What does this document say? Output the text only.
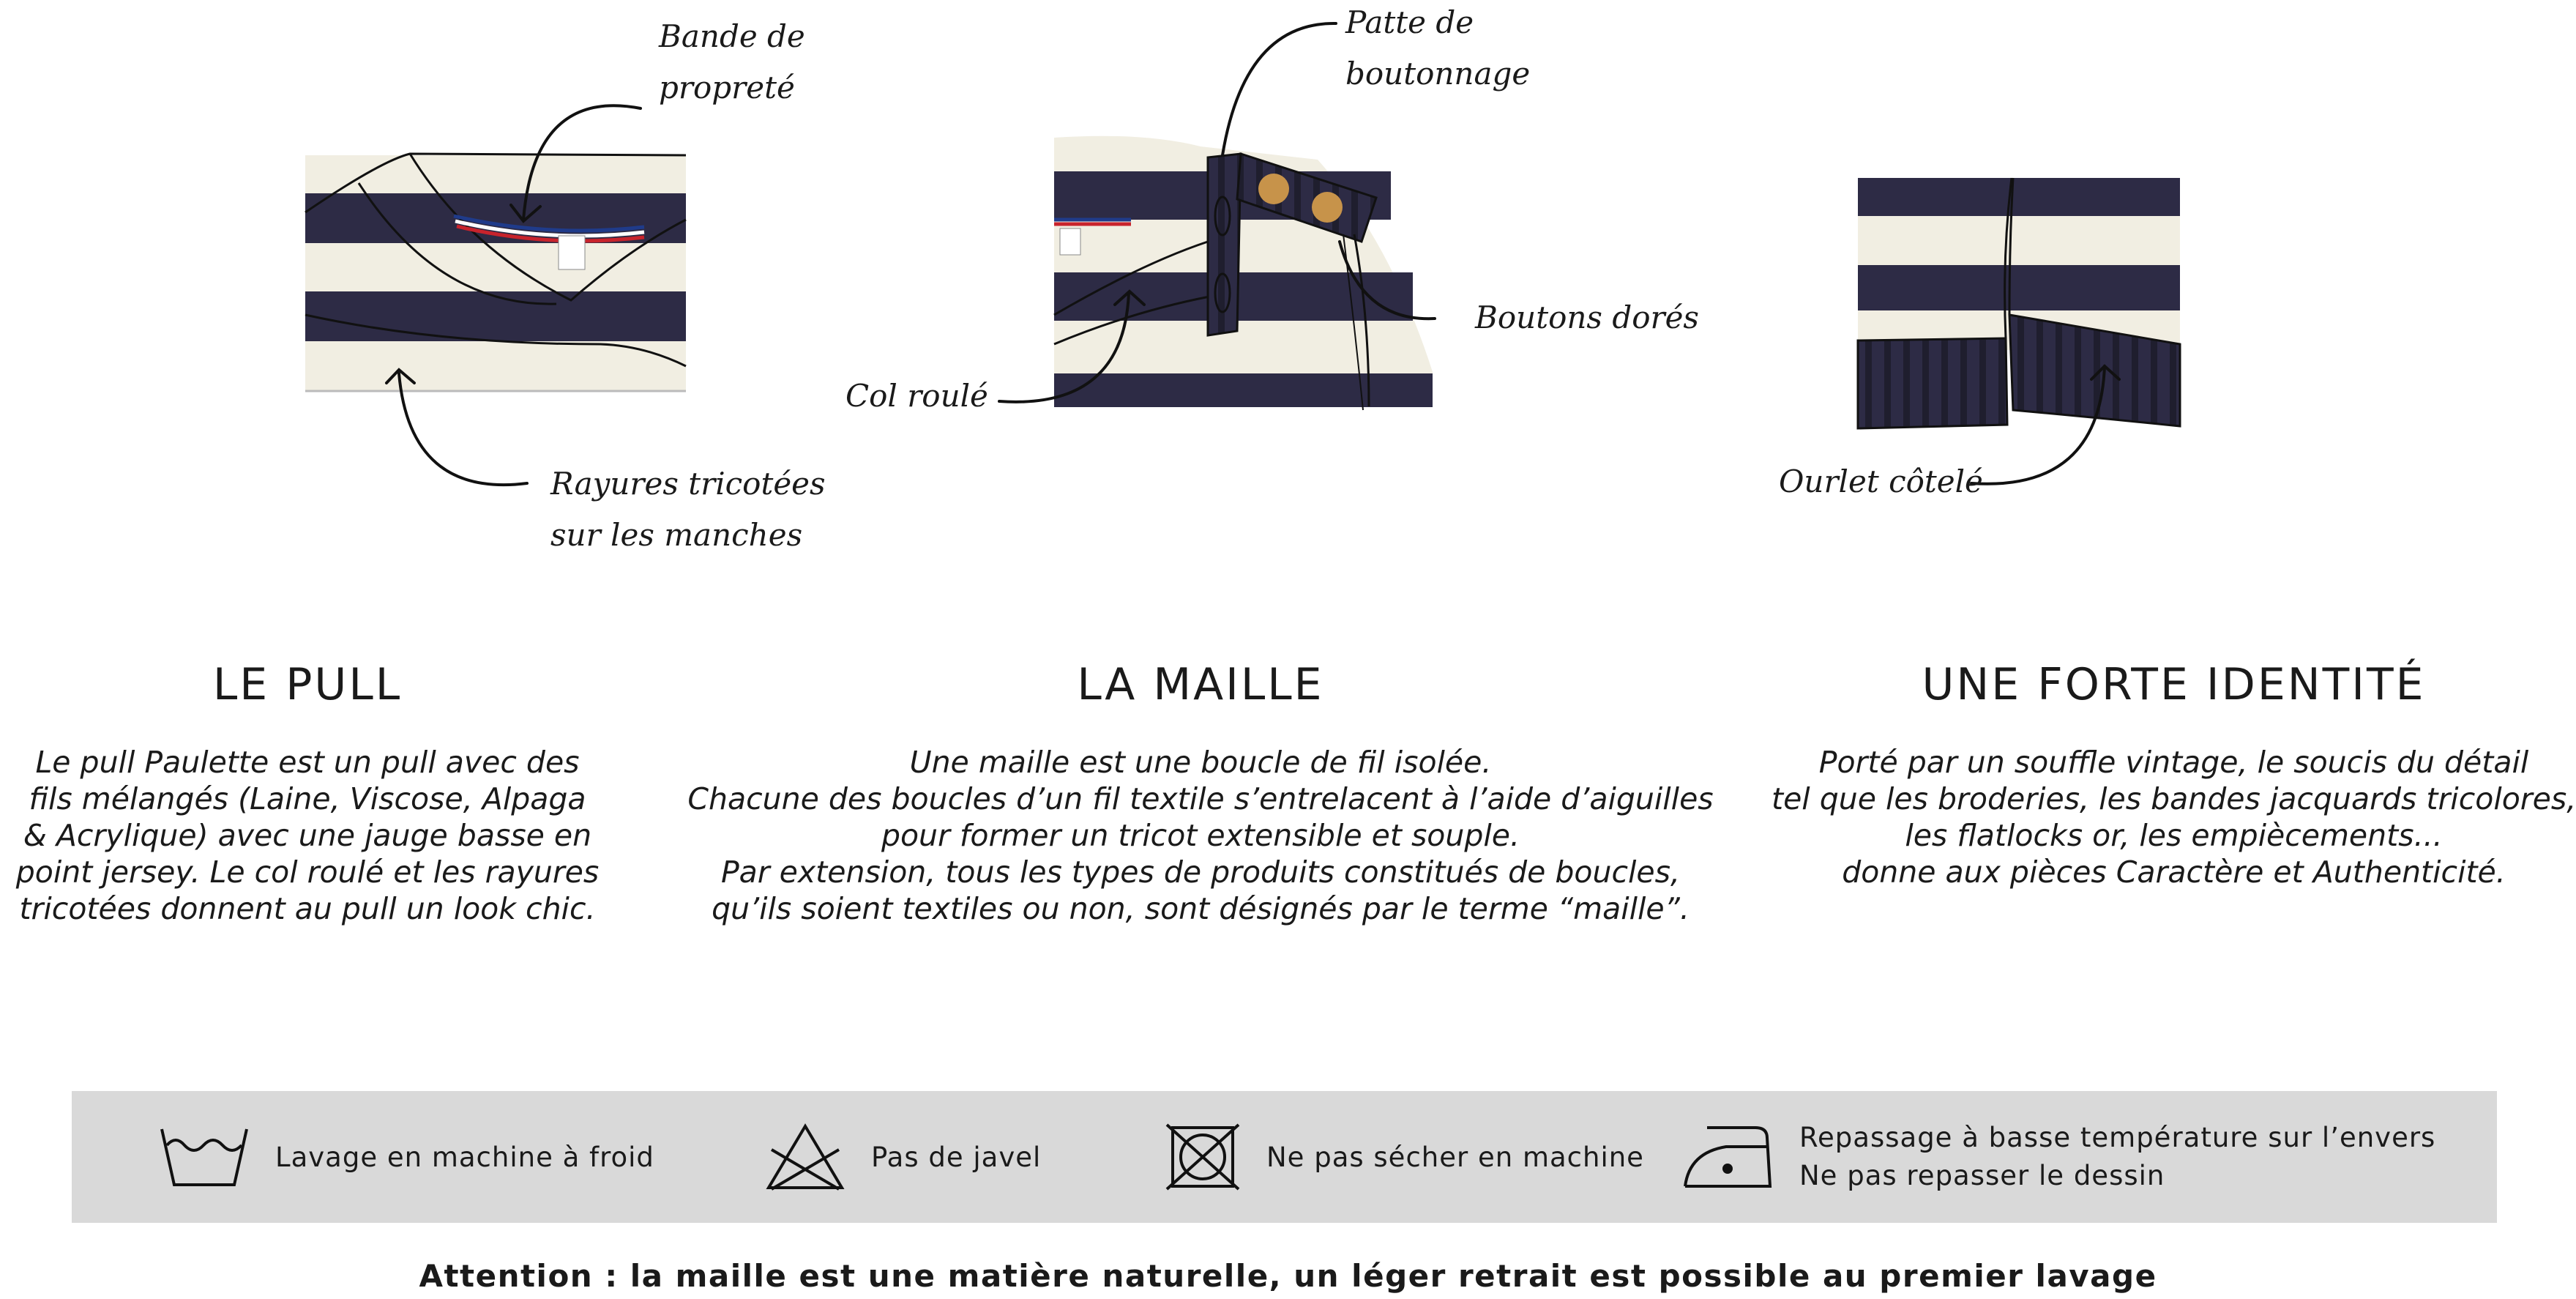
Bande de
propreté
Rayures tricotées
sur les manches
Patte de
boutonnage
Boutons dorés
Col roulé
Ourlet côtelé
LE PULL
Le pull Paulette est un pull avec des
fils mélangés (Laine, Viscose, Alpaga
& Acrylique) avec une jauge basse en
point jersey. Le col roulé et les rayures
tricotées donnent au pull un look chic.
LA MAILLE
Une maille est une boucle de fil isolée.
Chacune des boucles d’un fil textile s’entrelacent à l’aide d’aiguilles
pour former un tricot extensible et souple.
Par extension, tous les types de produits constitués de boucles,
qu’ils soient textiles ou non, sont désignés par le terme “maille”.
UNE FORTE IDENTITÉ
Porté par un souffle vintage, le soucis du détail
tel que les broderies, les bandes jacquards tricolores,
les flatlocks or, les empiècements...
donne aux pièces Caractère et Authenticité.
Lavage en machine à froid	Pas de javel	Ne pas sécher en machine
Repassage à basse température sur l’envers
Ne pas repasser le dessin
Attention : la maille est une matière naturelle, un léger retrait est possible au premier lavage
